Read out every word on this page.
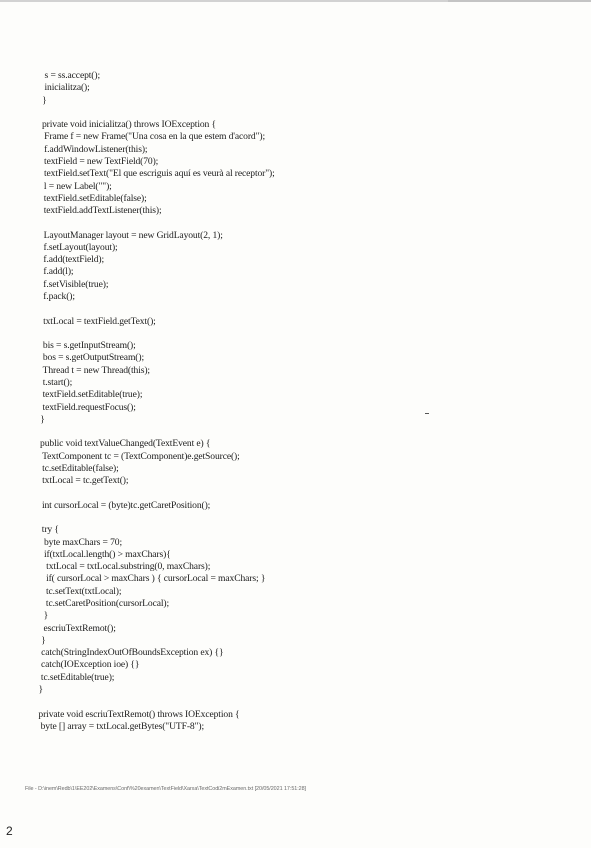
s = ss.accept();
inicialitza();
}
private void inicialitza() throws IOException {
Frame f = new Frame("Una cosa en la que estem d'acord");
f.addWindowListener(this);
textField = new TextField(70);
textField.setText("El que escriguis aquí es veurà al receptor");
l = new Label("");
textField.setEditable(false);
textField.addTextListener(this);
LayoutManager layout = new GridLayout(2, 1);
f.setLayout(layout);
f.add(textField);
f.add(l);
f.setVisible(true);
f.pack();
txtLocal = textField.getText();
bis = s.getInputStream();
bos = s.getOutputStream();
Thread t = new Thread(this);
t.start();
textField.setEditable(true);
textField.requestFocus();
}
public void textValueChanged(TextEvent e) {
TextComponent tc = (TextComponent)e.getSource();
tc.setEditable(false);
txtLocal = tc.getText();
int cursorLocal = (byte)tc.getCaretPosition();
try {
byte maxChars = 70;
if(txtLocal.length() > maxChars){
txtLocal = txtLocal.substring(0, maxChars);
if( cursorLocal > maxChars ) { cursorLocal = maxChars; }
tc.setText(txtLocal);
tc.setCaretPosition(cursorLocal);
}
escriuTextRemot();
}
catch(StringIndexOutOfBoundsException ex) {}
catch(IOException ioe) {}
tc.setEditable(true);
}
private void escriuTextRemot() throws IOException {
byte [] array = txtLocal.getBytes("UTF-8");
File - D:\inem\Redb\1\EE202\Examens\Conf\%20examen\TextField\Xarxa\TextCodi2mExamen.txt [20/05/2021 17:51:28]
2
